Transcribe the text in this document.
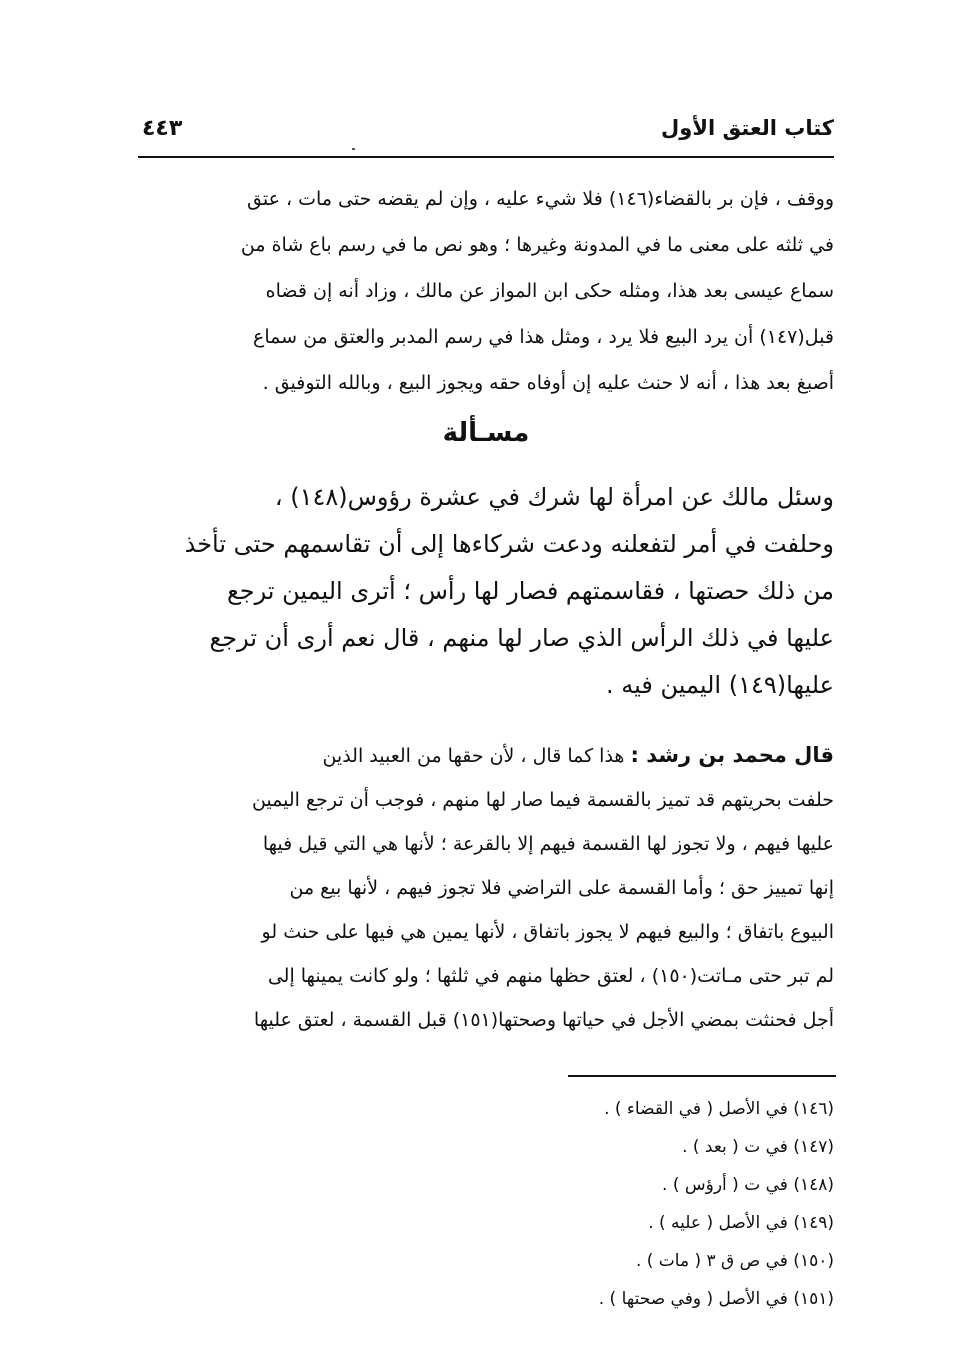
كتاب العتق الأول
٤٤٣
ووقف ، فإن بر بالقضاء(١٤٦) فلا شيء عليه ، وإن لم يقضه حتى مات ، عتق
في ثلثه على معنى ما في المدونة وغيرها ؛ وهو نص ما في رسم باع شاة من
سماع عيسى بعد هذا، ومثله حكى ابن المواز عن مالك ، وزاد أنه إن قضاه
قبل(١٤٧) أن يرد البيع فلا يرد ، ومثل هذا في رسم المدبر والعتق من سماع
أصبغ بعد هذا ، أنه لا حنث عليه إن أوفاه حقه ويجوز البيع ، وبالله التوفيق .
مسـألة
وسئل مالك عن امرأة لها شرك في عشرة رؤوس(١٤٨) ،
وحلفت في أمر لتفعلنه ودعت شركاءها إلى أن تقاسمهم حتى تأخذ
من ذلك حصتها ، فقاسمتهم فصار لها رأس ؛ أترى اليمين ترجع
عليها في ذلك الرأس الذي صار لها منهم ، قال نعم أرى أن ترجع
عليها(١٤٩) اليمين فيه .
قال محمد بن رشد : هذا كما قال ، لأن حقها من العبيد الذين
حلفت بحريتهم قد تميز بالقسمة فيما صار لها منهم ، فوجب أن ترجع اليمين
عليها فيهم ، ولا تجوز لها القسمة فيهم إلا بالقرعة ؛ لأنها هي التي قيل فيها
إنها تمييز حق ؛ وأما القسمة على التراضي فلا تجوز فيهم ، لأنها بيع من
البيوع باتفاق ؛ والبيع فيهم لا يجوز باتفاق ، لأنها يمين هي فيها على حنث لو
لم تبر حتى مـاتت(١٥٠) ، لعتق حظها منهم في ثلثها ؛ ولو كانت يمينها إلى
أجل فحنثت بمضي الأجل في حياتها وصحتها(١٥١) قبل القسمة ، لعتق عليها
(١٤٦) في الأصل ( في القضاء ) .
(١٤٧) في ت ( بعد ) .
(١٤٨) في ت ( أرؤس ) .
(١٤٩) في الأصل ( عليه ) .
(١٥٠) في ص ق ٣ ( مات ) .
(١٥١) في الأصل ( وفي صحتها ) .
